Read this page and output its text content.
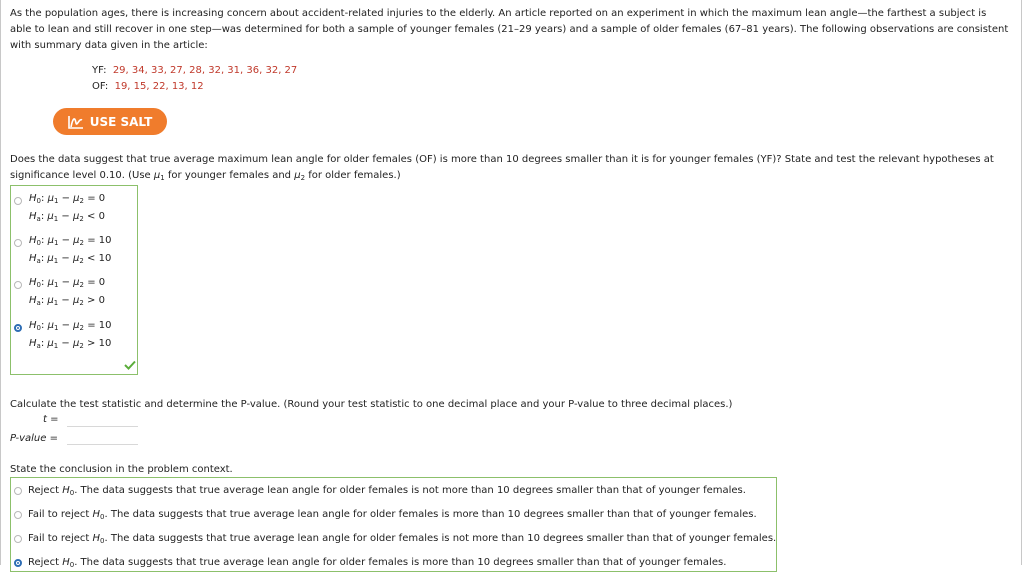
As the population ages, there is increasing concern about accident-related injuries to the elderly. An article reported on an experiment in which the maximum lean angle—the farthest a subject is able to lean and still recover in one step—was determined for both a sample of younger females (21–29 years) and a sample of older females (67–81 years). The following observations are consistent with summary data given in the article:
YF: 29, 34, 33, 27, 28, 32, 31, 36, 32, 27
OF: 19, 15, 22, 13, 12
USE SALT
Does the data suggest that true average maximum lean angle for older females (OF) is more than 10 degrees smaller than it is for younger females (YF)? State and test the relevant hypotheses at significance level 0.10. (Use $\mu_1$ for younger females and $\mu_2$ for older females.)
$H_0$: $\mu_1 - \mu_2 = 0$
$H_a$: $\mu_1 - \mu_2 < 0$
$H_0$: $\mu_1 - \mu_2 = 10$
$H_a$: $\mu_1 - \mu_2 < 10$
$H_0$: $\mu_1 - \mu_2 = 0$
$H_a$: $\mu_1 - \mu_2 > 0$
$H_0$: $\mu_1 - \mu_2 = 10$
$H_a$: $\mu_1 - \mu_2 > 10$
Calculate the test statistic and determine the P-value. (Round your test statistic to one decimal place and your P-value to three decimal places.)
t =
P-value =
State the conclusion in the problem context.
Reject $H_0$. The data suggests that true average lean angle for older females is not more than 10 degrees smaller than that of younger females.
Fail to reject $H_0$. The data suggests that true average lean angle for older females is more than 10 degrees smaller than that of younger females.
Fail to reject $H_0$. The data suggests that true average lean angle for older females is not more than 10 degrees smaller than that of younger females.
Reject $H_0$. The data suggests that true average lean angle for older females is more than 10 degrees smaller than that of younger females.
